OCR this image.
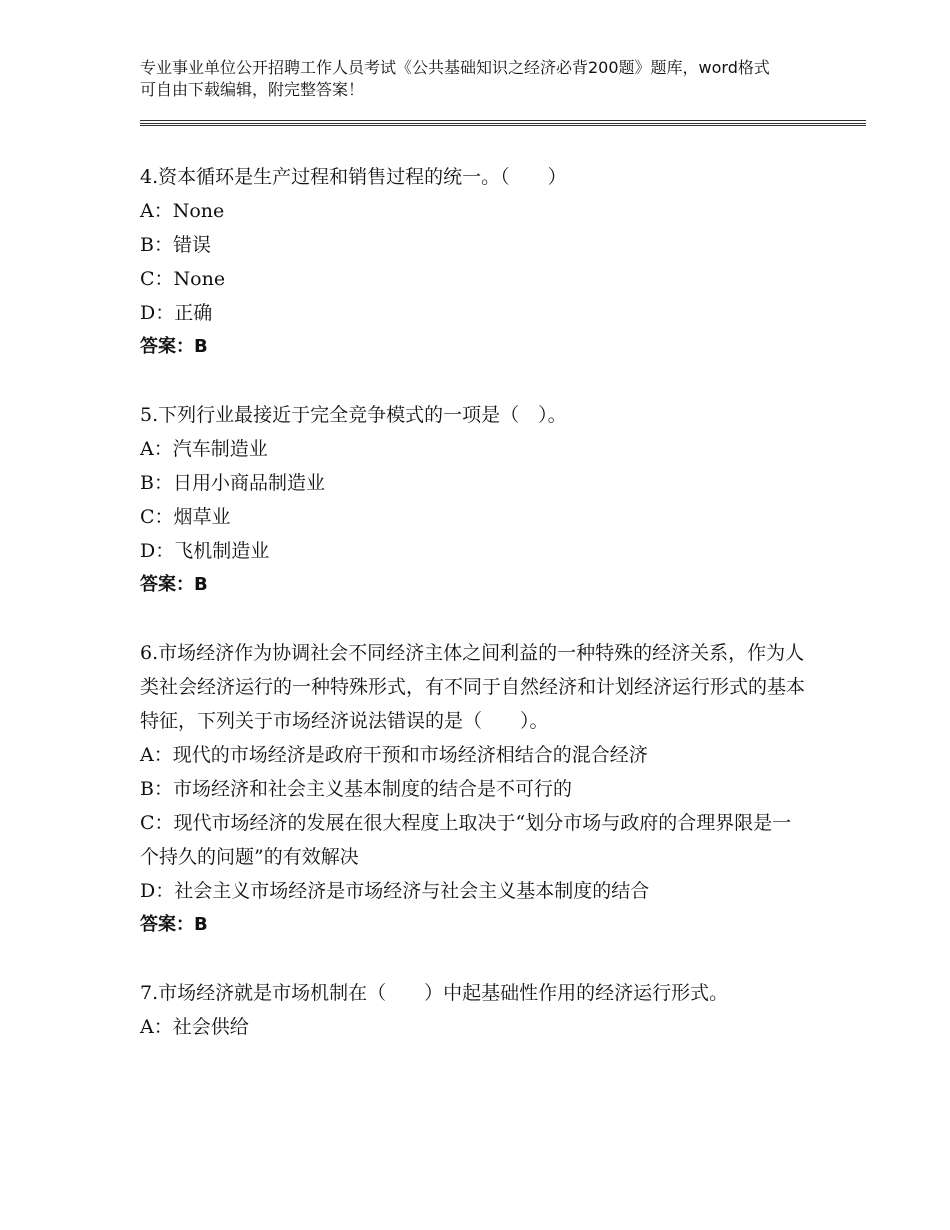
专业事业单位公开招聘工作人员考试《公共基础知识之经济必背200题》题库，word格式可自由下载编辑，附完整答案！

4.资本循环是生产过程和销售过程的统一。（　　）

A：None

B：错误

C：None

D：正确

答案：B

5.下列行业最接近于完全竞争模式的一项是（　）。

A：汽车制造业

B：日用小商品制造业

C：烟草业

D：飞机制造业

答案：B

6.市场经济作为协调社会不同经济主体之间利益的一种特殊的经济关系，作为人类社会经济运行的一种特殊形式，有不同于自然经济和计划经济运行形式的基本特征，下列关于市场经济说法错误的是（　　）。

A：现代的市场经济是政府干预和市场经济相结合的混合经济

B：市场经济和社会主义基本制度的结合是不可行的

C：现代市场经济的发展在很大程度上取决于“划分市场与政府的合理界限是一个持久的问题”的有效解决

D：社会主义市场经济是市场经济与社会主义基本制度的结合

答案：B

7.市场经济就是市场机制在（　　）中起基础性作用的经济运行形式。

A：社会供给
